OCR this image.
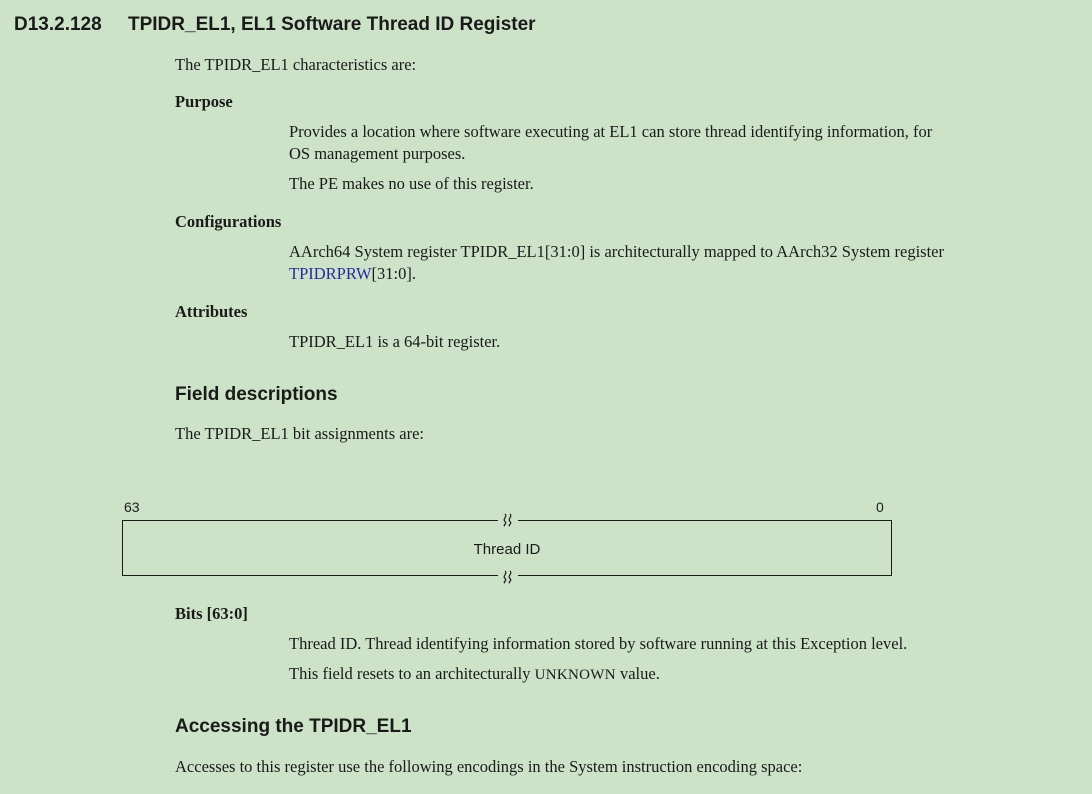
D13.2.128 TPIDR_EL1, EL1 Software Thread ID Register
The TPIDR_EL1 characteristics are:
Purpose
Provides a location where software executing at EL1 can store thread identifying information, for
OS management purposes.
The PE makes no use of this register.
Configurations
AArch64 System register TPIDR_EL1[31:0] is architecturally mapped to AArch32 System register
TPIDRPRW[31:0].
Attributes
TPIDR_EL1 is a 64-bit register.
Field descriptions
The TPIDR_EL1 bit assignments are:
63	0
Thread ID
Bits [63:0]
Thread ID. Thread identifying information stored by software running at this Exception level.
This field resets to an architecturally UNKNOWN value.
Accessing the TPIDR_EL1
Accesses to this register use the following encodings in the System instruction encoding space:
